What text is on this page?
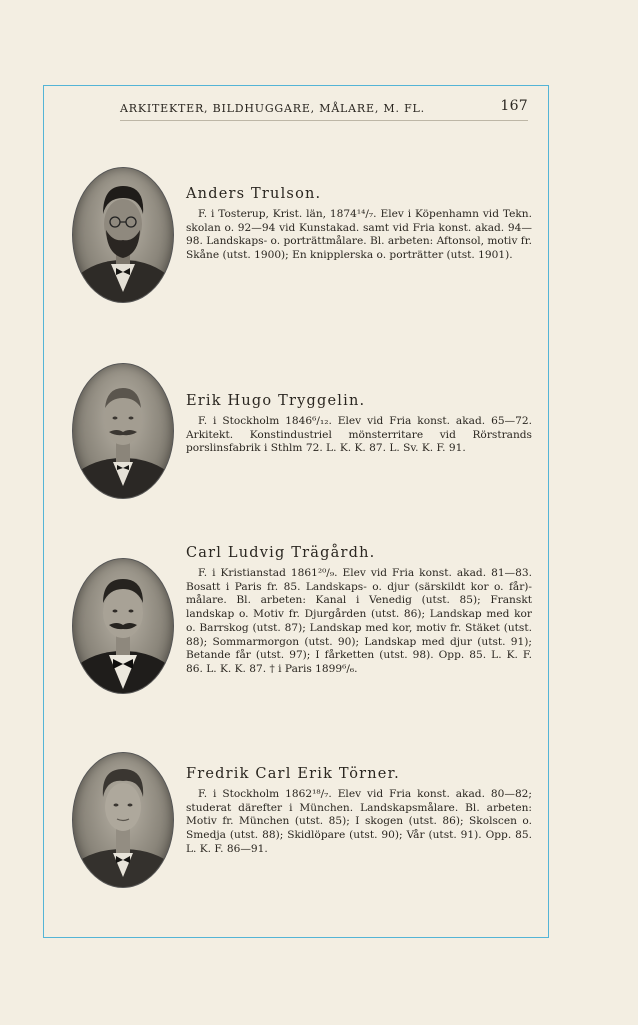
ARKITEKTER, BILDHUGGARE, MÅLARE, M. FL.	167
Anders Trulson.

F. i Tosterup, Krist. län, 1874¹⁴/₇. Elev i Köpenhamn vid Tekn. skolan o. 92—94 vid Kunstakad. samt vid Fria konst. akad. 94—98. Landskaps- o. porträttmålare. Bl. arbeten: Aftonsol, motiv fr. Skåne (utst. 1900); En knipplerska o. porträtter (utst. 1901).

Erik Hugo Tryggelin.

F. i Stockholm 1846⁶/₁₂. Elev vid Fria konst. akad. 65—72. Arkitekt. Konstindustriel mönsterritare vid Rörstrands porslinsfabrik i Sthlm 72. L. K. K. 87. L. Sv. K. F. 91.

Carl Ludvig Trägårdh.

F. i Kristianstad 1861²⁰/₉. Elev vid Fria konst. akad. 81—83. Bosatt i Paris fr. 85. Landskaps- o. djur (särskildt kor o. får)-målare. Bl. arbeten: Kanal i Venedig (utst. 85); Franskt landskap o. Motiv fr. Djurgården (utst. 86); Landskap med kor o. Barrskog (utst. 87); Landskap med kor, motiv fr. Stäket (utst. 88); Sommarmorgon (utst. 90); Landskap med djur (utst. 91); Betande får (utst. 97); I fårketten (utst. 98). Opp. 85. L. K. F. 86. L. K. K. 87. † i Paris 1899⁶/₆.

Fredrik Carl Erik Törner.

F. i Stockholm 1862¹⁸/₇. Elev vid Fria konst. akad. 80—82; studerat därefter i München. Landskapsmålare. Bl. arbeten: Motiv fr. München (utst. 85); I skogen (utst. 86); Skolscen o. Smedja (utst. 88); Skidlöpare (utst. 90); Vår (utst. 91). Opp. 85. L. K. F. 86—91.
